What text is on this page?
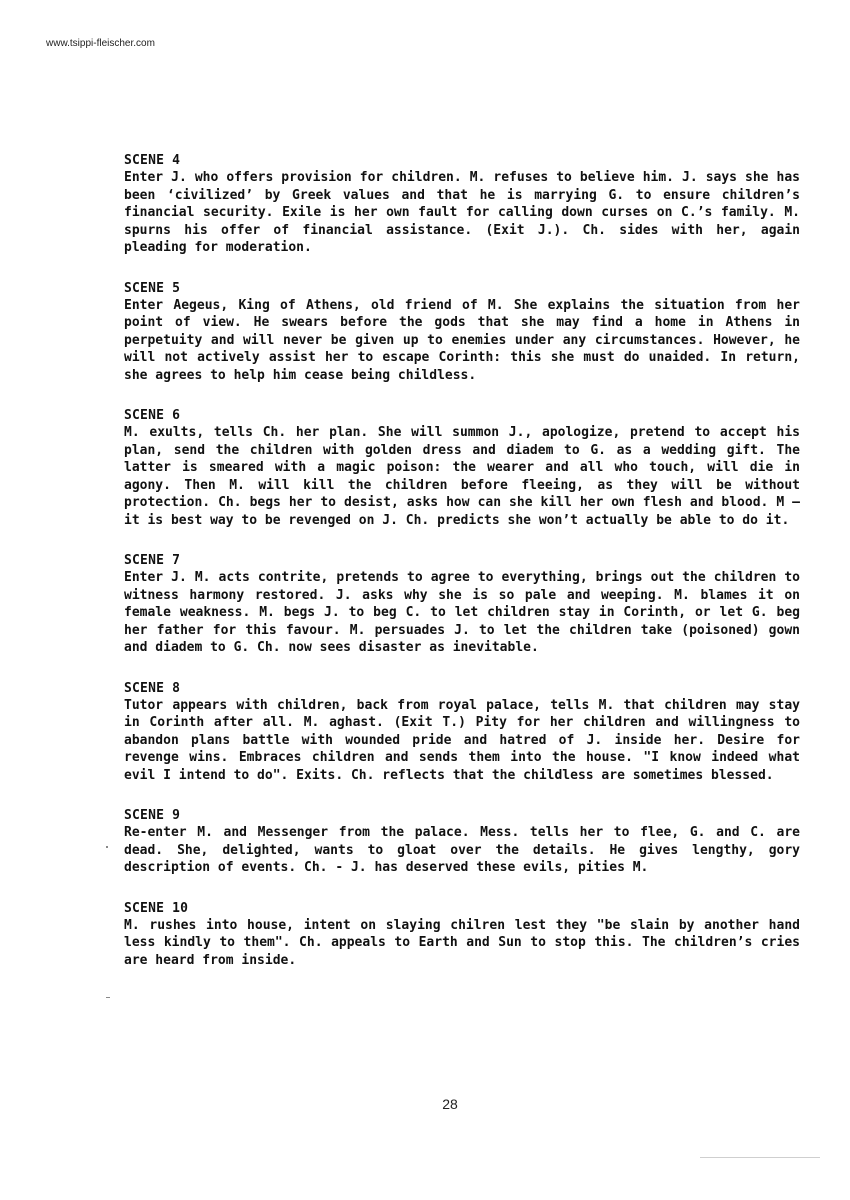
www.tsippi-fleischer.com
SCENE 4

Enter J. who offers provision for children. M. refuses to believe him. J. says she has been ‘civilized’ by Greek values and that he is marrying G. to ensure children’s financial security. Exile is her own fault for calling down curses on C.’s family. M. spurns his offer of financial assistance. (Exit J.). Ch. sides with her, again pleading for moderation.

SCENE 5

Enter Aegeus, King of Athens, old friend of M. She explains the situation from her point of view. He swears before the gods that she may find a home in Athens in perpetuity and will never be given up to enemies under any circumstances. However, he will not actively assist her to escape Corinth: this she must do unaided. In return, she agrees to help him cease being childless.

SCENE 6

M. exults, tells Ch. her plan. She will summon J., apologize, pretend to accept his plan, send the children with golden dress and diadem to G. as a wedding gift. The latter is smeared with a magic poison: the wearer and all who touch, will die in agony. Then M. will kill the children before fleeing, as they will be without protection. Ch. begs her to desist, asks how can she kill her own flesh and blood. M – it is best way to be revenged on J. Ch. predicts she won’t actually be able to do it.

SCENE 7

Enter J. M. acts contrite, pretends to agree to everything, brings out the children to witness harmony restored. J. asks why she is so pale and weeping. M. blames it on female weakness. M. begs J. to beg C. to let children stay in Corinth, or let G. beg her father for this favour. M. persuades J. to let the children take (poisoned) gown and diadem to G. Ch. now sees disaster as inevitable.

SCENE 8

Tutor appears with children, back from royal palace, tells M. that children may stay in Corinth after all. M. aghast. (Exit T.) Pity for her children and willingness to abandon plans battle with wounded pride and hatred of J. inside her. Desire for revenge wins. Embraces children and sends them into the house. "I know indeed what evil I intend to do". Exits. Ch. reflects that the childless are sometimes blessed.

SCENE 9

Re-enter M. and Messenger from the palace. Mess. tells her to flee, G. and C. are dead. She, delighted, wants to gloat over the details. He gives lengthy, gory description of events. Ch. - J. has deserved these evils, pities M.

SCENE 10

M. rushes into house, intent on slaying chilren lest they "be slain by another hand less kindly to them". Ch. appeals to Earth and Sun to stop this. The children’s cries are heard from inside.

28
